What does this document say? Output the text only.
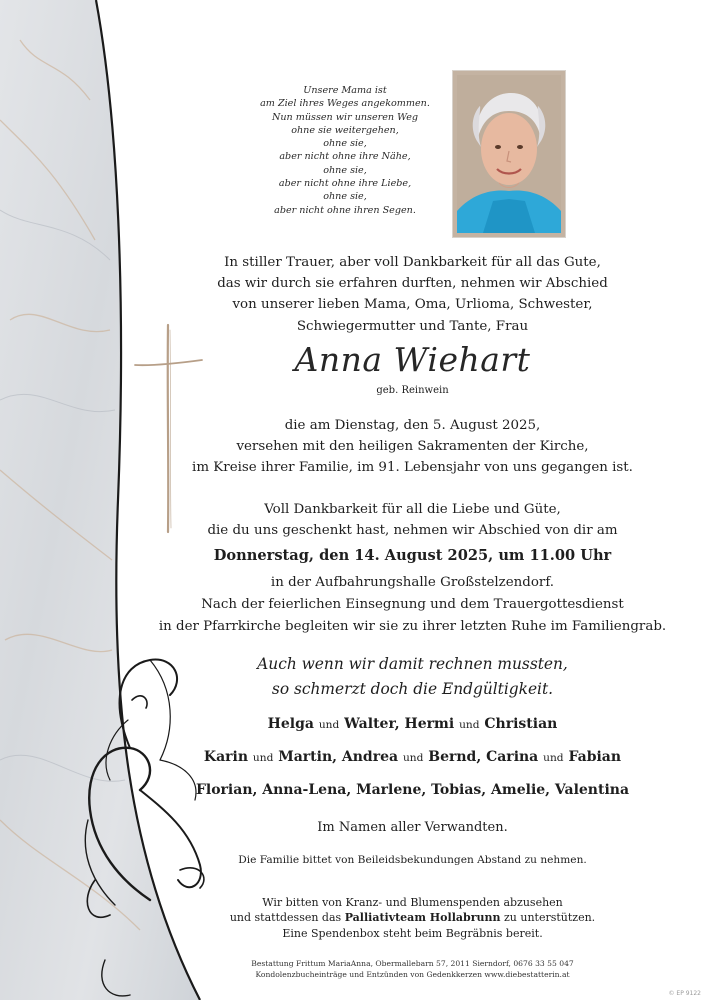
Unsere Mama ist
am Ziel ihres Weges angekommen.
Nun müssen wir unseren Weg
ohne sie weitergehen,
ohne sie,
aber nicht ohne ihre Nähe,
ohne sie,
aber nicht ohne ihre Liebe,
ohne sie,
aber nicht ohne ihren Segen.
In stiller Trauer, aber voll Dankbarkeit für all das Gute,
das wir durch sie erfahren durften, nehmen wir Abschied
von unserer lieben Mama, Oma, Urlioma, Schwester,
Schwiegermutter und Tante, Frau
Anna Wiehart
geb. Reinwein
die am Dienstag, den 5. August 2025,
versehen mit den heiligen Sakramenten der Kirche,
im Kreise ihrer Familie, im 91. Lebensjahr von uns gegangen ist.
Voll Dankbarkeit für all die Liebe und Güte,
die du uns geschenkt hast, nehmen wir Abschied von dir am
Donnerstag, den 14. August 2025, um 11.00 Uhr
in der Aufbahrungshalle Großstelzendorf.
Nach der feierlichen Einsegnung und dem Trauergottesdienst
in der Pfarrkirche begleiten wir sie zu ihrer letzten Ruhe im Familiengrab.
Auch wenn wir damit rechnen mussten,
so schmerzt doch die Endgültigkeit.
Helga und Walter, Hermi und Christian
Karin und Martin, Andrea und Bernd, Carina und Fabian
Florian, Anna-Lena, Marlene, Tobias, Amelie, Valentina
Im Namen aller Verwandten.
Die Familie bittet von Beileidsbekundungen Abstand zu nehmen.
Wir bitten von Kranz- und Blumenspenden abzusehen
und stattdessen das Palliativteam Hollabrunn zu unterstützen.
Eine Spendenbox steht beim Begräbnis bereit.
Bestattung Frittum MariaAnna, Obermallebarn 57, 2011 Sierndorf, 0676 33 55 047
Kondolenzbucheinträge und Entzünden von Gedenkkerzen www.diebestatterin.at
© EP 9122
